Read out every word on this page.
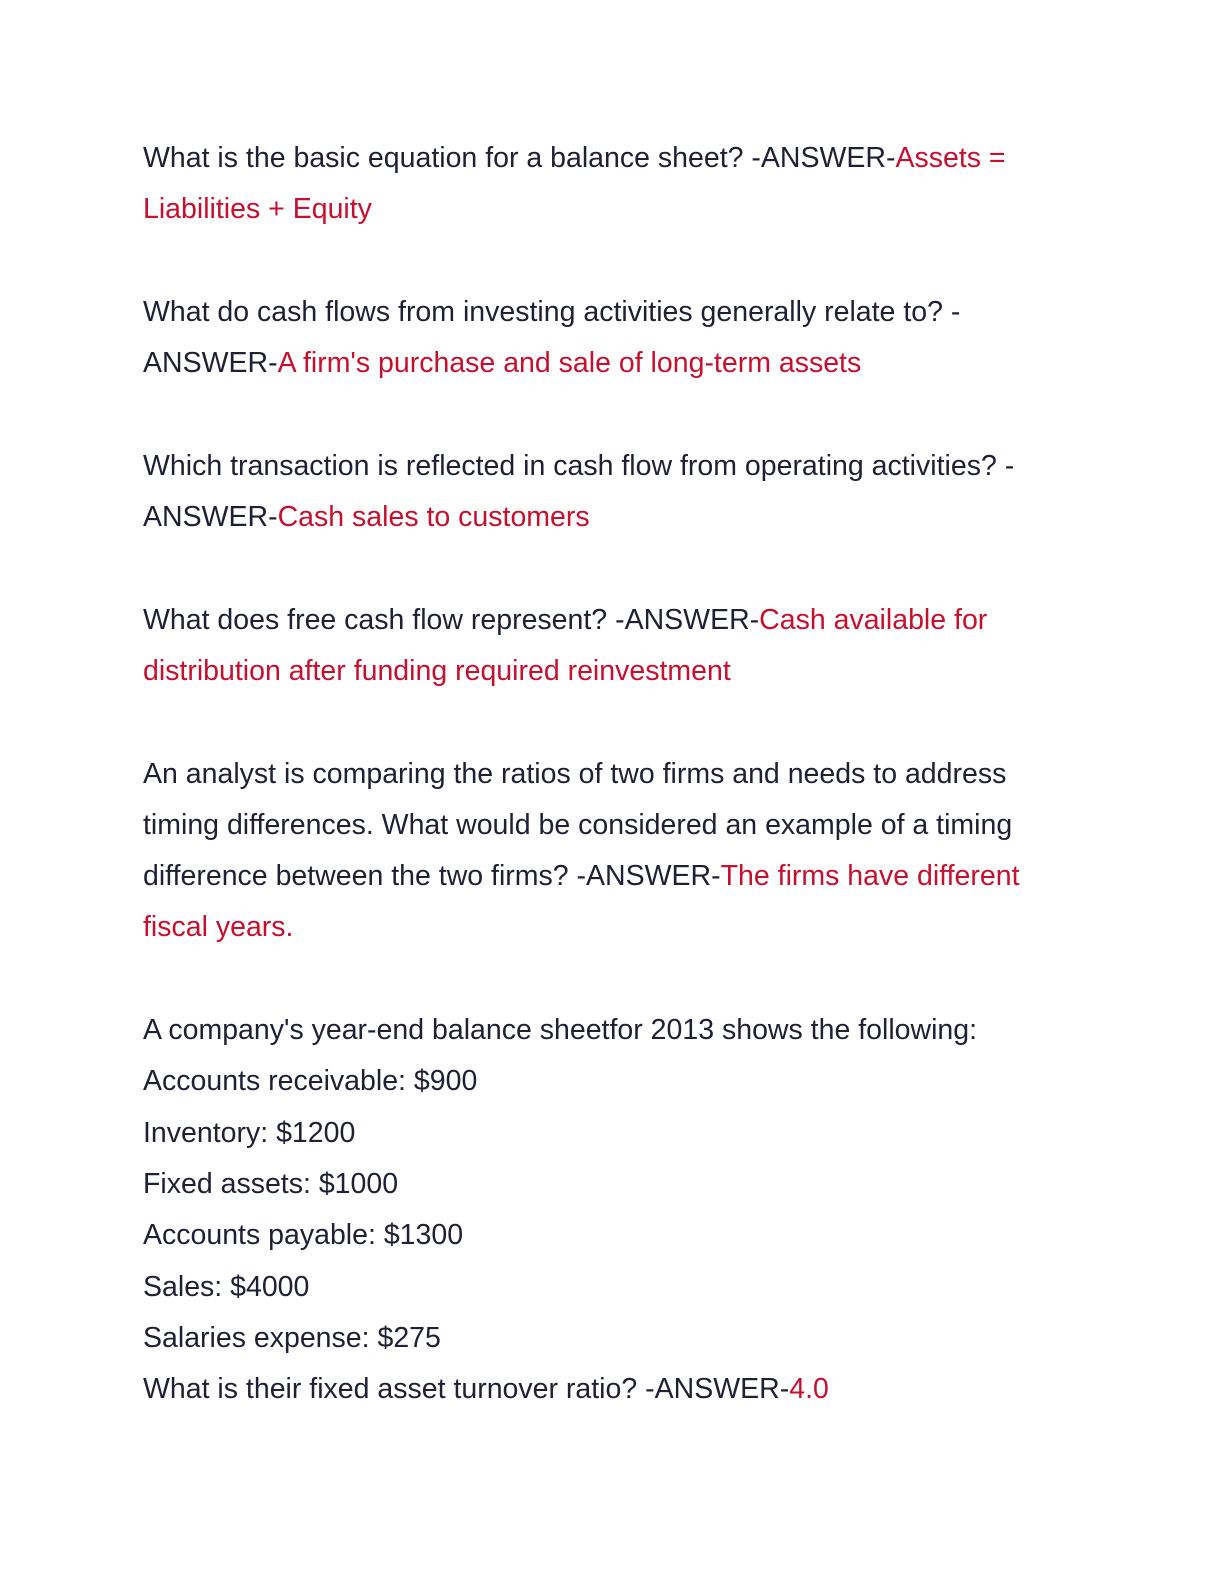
What is the basic equation for a balance sheet? -ANSWER-Assets = Liabilities + Equity

What do cash flows from investing activities generally relate to? -ANSWER-A firm's purchase and sale of long-term assets

Which transaction is reflected in cash flow from operating activities? -ANSWER-Cash sales to customers

What does free cash flow represent? -ANSWER-Cash available for distribution after funding required reinvestment

An analyst is comparing the ratios of two firms and needs to address timing differences. What would be considered an example of a timing difference between the two firms? -ANSWER-The firms have different fiscal years.

A company's year-end balance sheetfor 2013 shows the following:
Accounts receivable: $900
Inventory: $1200
Fixed assets: $1000
Accounts payable: $1300
Sales: $4000
Salaries expense: $275
What is their fixed asset turnover ratio? -ANSWER-4.0
